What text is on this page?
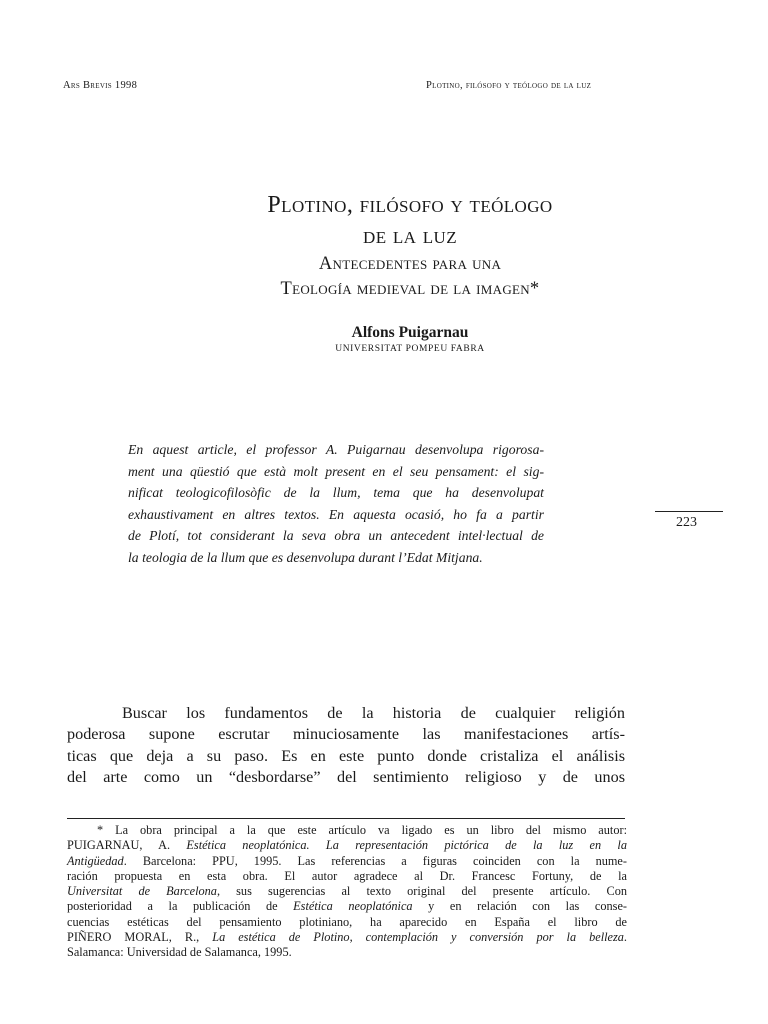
Ars Brevis 1998	Plotino, filósofo y teólogo de la luz
Plotino, filósofo y teólogo
de la luz
Antecedentes para una
Teología medieval de la imagen*
Alfons Puigarnau
UNIVERSITAT POMPEU FABRA
En aquest article, el professor A. Puigarnau desenvolupa rigorosa-
ment una qüestió que està molt present en el seu pensament: el sig-
nificat teologicofilosòfic de la llum, tema que ha desenvolupat
exhaustivament en altres textos. En aquesta ocasió, ho fa a partir
de Plotí, tot considerant la seva obra un antecedent intel·lectual de
la teologia de la llum que es desenvolupa durant l’Edat Mitjana.
223
Buscar los fundamentos de la historia de cualquier religión
poderosa supone escrutar minuciosamente las manifestaciones artís-
ticas que deja a su paso. Es en este punto donde cristaliza el análisis
del arte como un “desbordarse” del sentimiento religioso y de unos
* La obra principal a la que este artículo va ligado es un libro del mismo autor:
PUIGARNAU, A. Estética neoplatónica. La representación pictórica de la luz en la
Antigüedad. Barcelona: PPU, 1995. Las referencias a figuras coinciden con la nume-
ración propuesta en esta obra. El autor agradece al Dr. Francesc Fortuny, de la
Universitat de Barcelona, sus sugerencias al texto original del presente artículo. Con
posterioridad a la publicación de Estética neoplatónica y en relación con las conse-
cuencias estéticas del pensamiento plotiniano, ha aparecido en España el libro de
PIÑERO MORAL, R., La estética de Plotino, contemplación y conversión por la belleza.
Salamanca: Universidad de Salamanca, 1995.
